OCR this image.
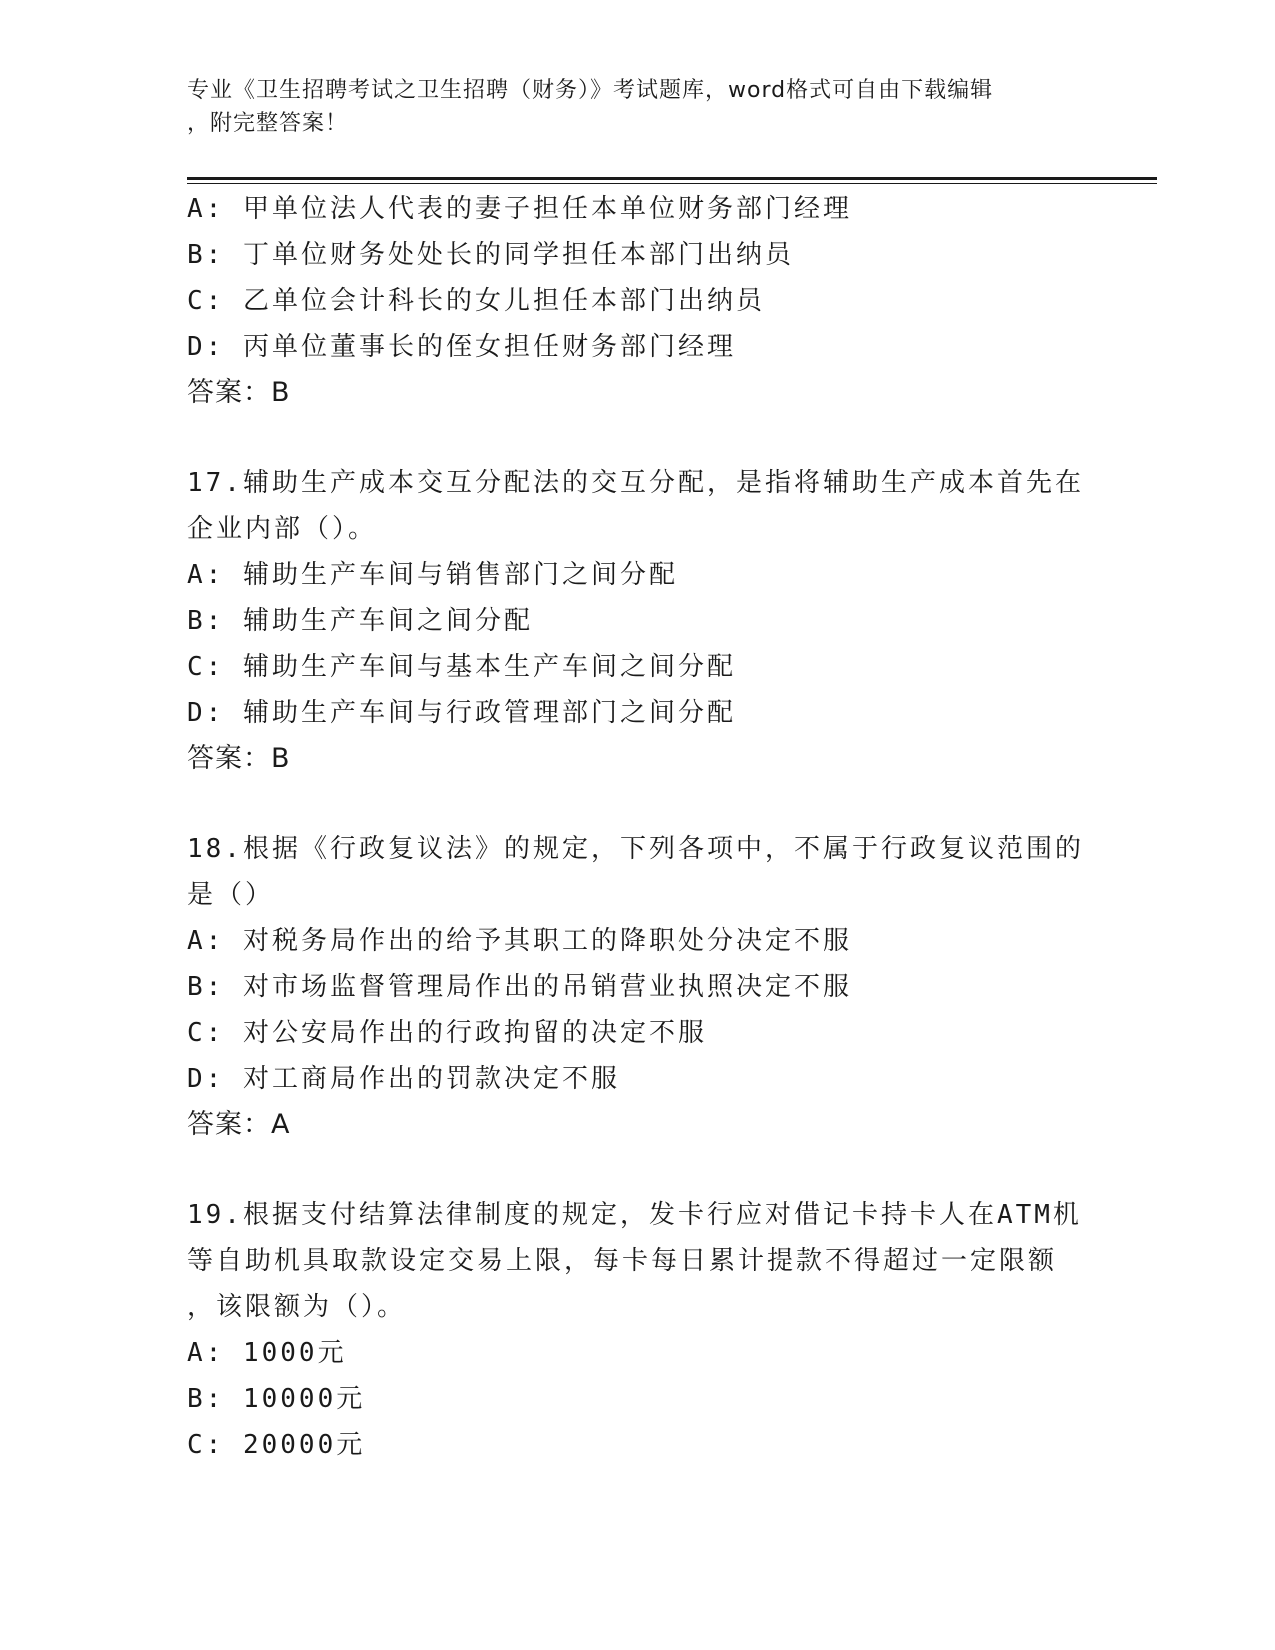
专业《卫生招聘考试之卫生招聘（财务）》考试题库，word格式可自由下载编辑
，附完整答案！
A: 甲单位法人代表的妻子担任本单位财务部门经理
B: 丁单位财务处处长的同学担任本部门出纳员
C: 乙单位会计科长的女儿担任本部门出纳员
D: 丙单位董事长的侄女担任财务部门经理
答案：B
17.辅助生产成本交互分配法的交互分配，是指将辅助生产成本首先在
企业内部（）。
A: 辅助生产车间与销售部门之间分配
B: 辅助生产车间之间分配
C: 辅助生产车间与基本生产车间之间分配
D: 辅助生产车间与行政管理部门之间分配
答案：B
18.根据《行政复议法》的规定，下列各项中，不属于行政复议范围的
是（）
A: 对税务局作出的给予其职工的降职处分决定不服
B: 对市场监督管理局作出的吊销营业执照决定不服
C: 对公安局作出的行政拘留的决定不服
D: 对工商局作出的罚款决定不服
答案：A
19.根据支付结算法律制度的规定，发卡行应对借记卡持卡人在ATM机
等自助机具取款设定交易上限，每卡每日累计提款不得超过一定限额
，该限额为（）。
A: 1000元
B: 10000元
C: 20000元
